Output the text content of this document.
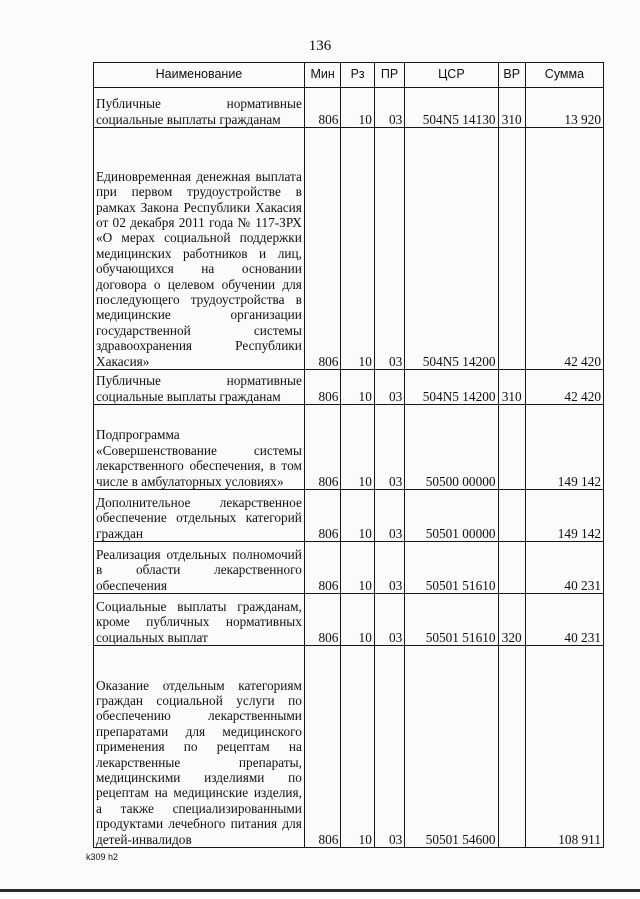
136
Наименование	Мин	Рз	ПР	ЦСР	ВР	Сумма
Публичные нормативные социальные выплаты гражданам	806	10	03	504N5 14130	310	13 920
Единовременная денежная выплата при первом трудоустройстве в рамках Закона Республики Хакасия от 02 декабря 2011 года № 117-ЗРХ «О мерах социальной поддержки медицинских работников и лиц, обучающихся на основании договора о целевом обучении для последующего трудоустройства в медицинские организации государственной системы здравоохранения Республики Хакасия»	806	10	03	504N5 14200		42 420
Публичные нормативные социальные выплаты гражданам	806	10	03	504N5 14200	310	42 420
Подпрограмма «Совершенствование системы лекарственного обеспечения, в том числе в амбулаторных условиях»	806	10	03	50500 00000		149 142
Дополнительное лекарственное обеспечение отдельных категорий граждан	806	10	03	50501 00000		149 142
Реализация отдельных полномочий в области лекарственного обеспечения	806	10	03	50501 51610		40 231
Социальные выплаты гражданам, кроме публичных нормативных социальных выплат	806	10	03	50501 51610	320	40 231
Оказание отдельным категориям граждан социальной услуги по обеспечению лекарственными препаратами для медицинского применения по рецептам на лекарственные препараты, медицинскими изделиями по рецептам на медицинские изделия, а также специализированными продуктами лечебного питания для детей-инвалидов	806	10	03	50501 54600		108 911
k309 h2
